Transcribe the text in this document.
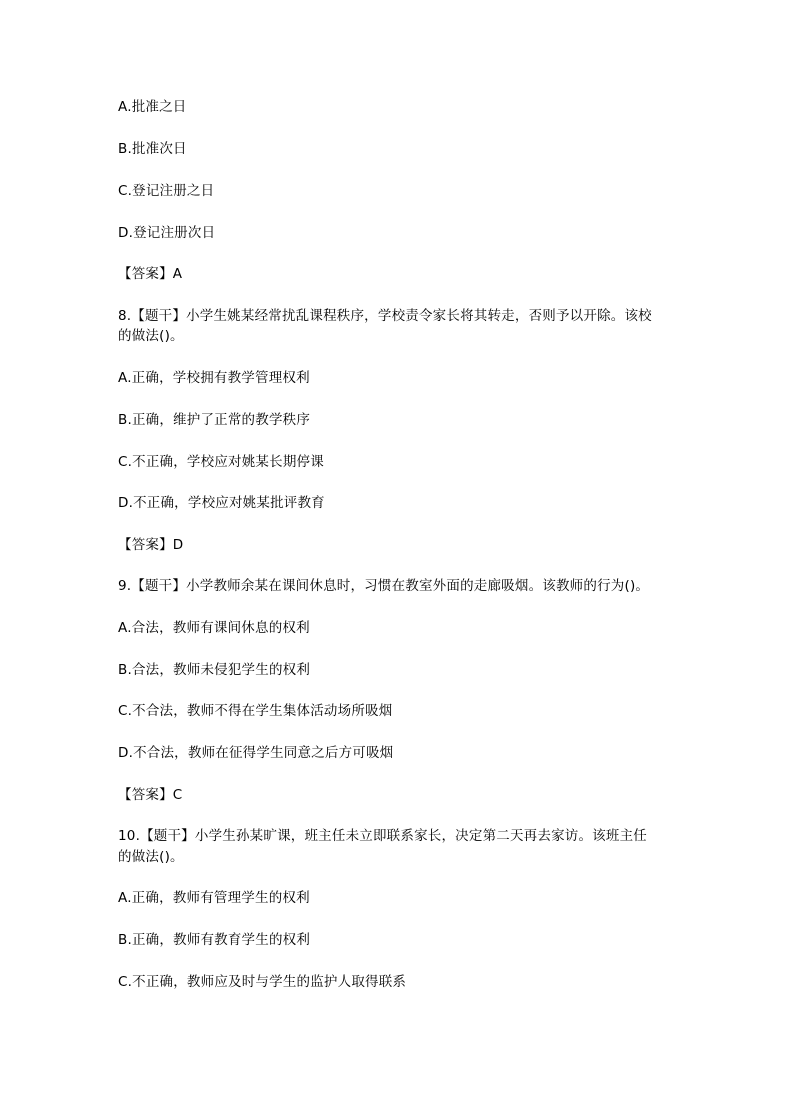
A.批准之日
B.批准次日
C.登记注册之日
D.登记注册次日
【答案】A
8.【题干】小学生姚某经常扰乱课程秩序，学校责令家长将其转走，否则予以开除。该校
的做法()。
A.正确，学校拥有教学管理权利
B.正确，维护了正常的教学秩序
C.不正确，学校应对姚某长期停课
D.不正确，学校应对姚某批评教育
【答案】D
9.【题干】小学教师余某在课间休息时，习惯在教室外面的走廊吸烟。该教师的行为()。
A.合法，教师有课间休息的权利
B.合法，教师未侵犯学生的权利
C.不合法，教师不得在学生集体活动场所吸烟
D.不合法，教师在征得学生同意之后方可吸烟
【答案】C
10.【题干】小学生孙某旷课，班主任未立即联系家长，决定第二天再去家访。该班主任
的做法()。
A.正确，教师有管理学生的权利
B.正确，教师有教育学生的权利
C.不正确，教师应及时与学生的监护人取得联系
